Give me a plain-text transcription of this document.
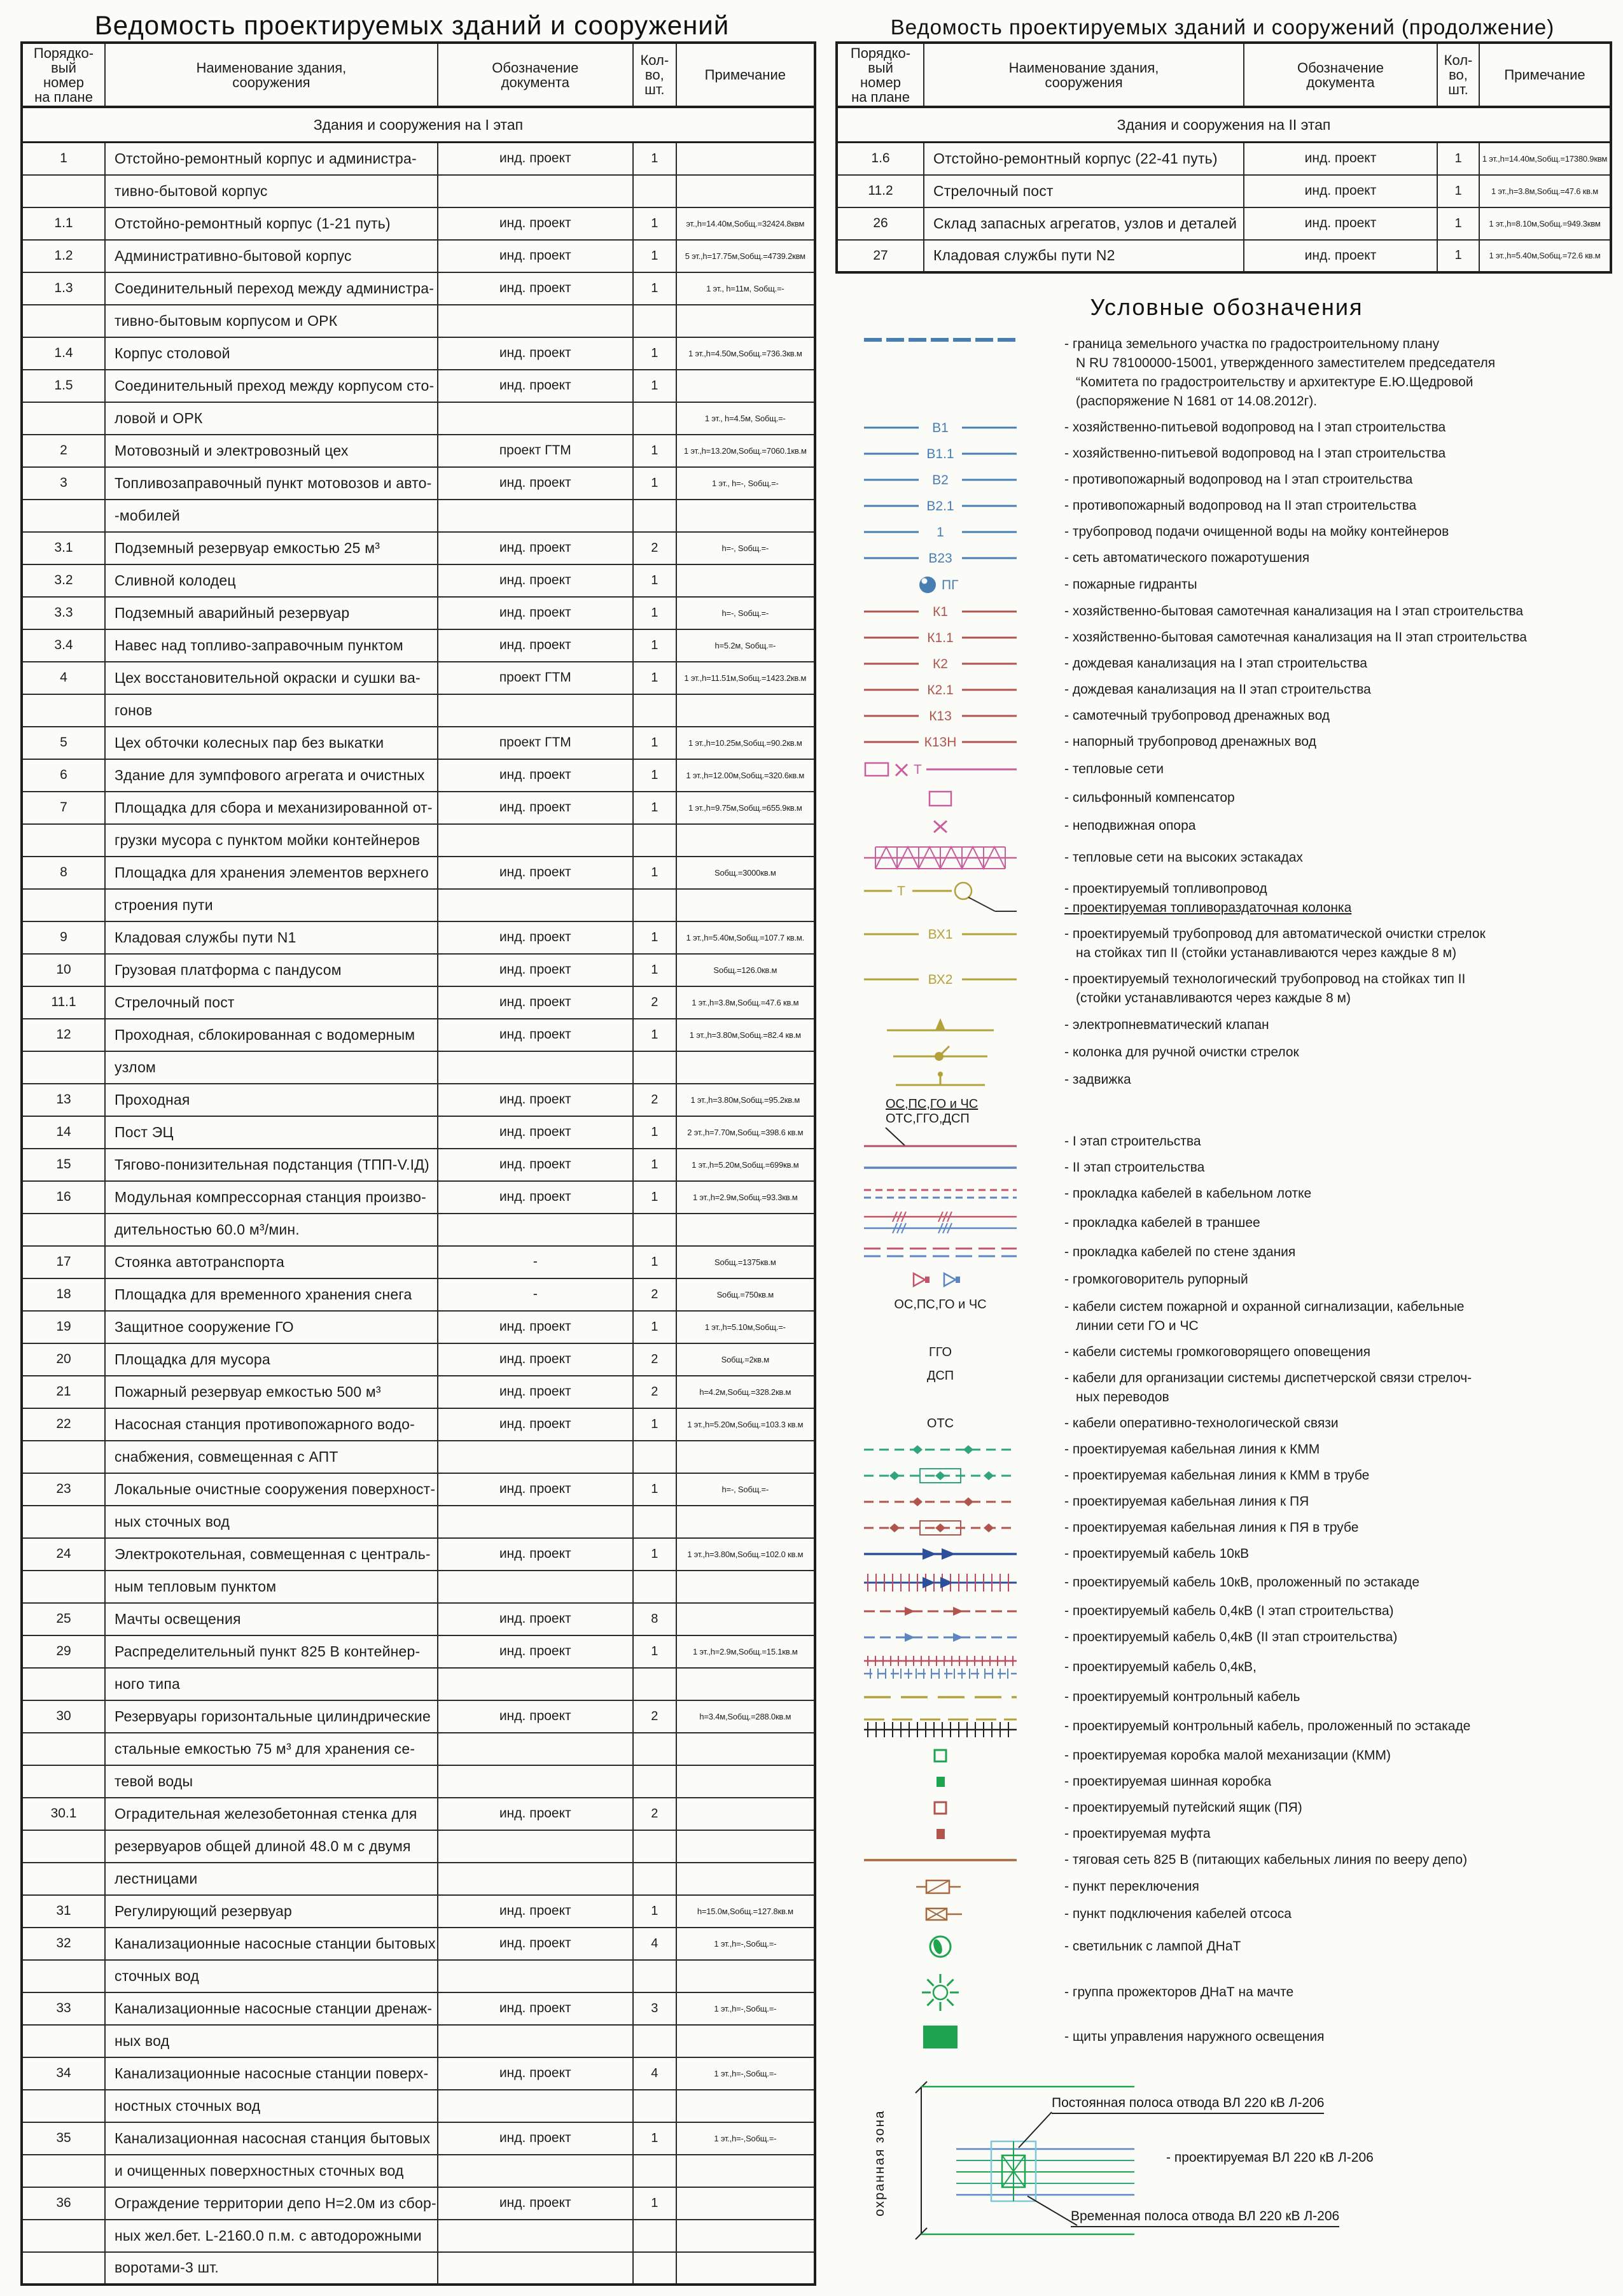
Ведомость проектируемых зданий и сооружений	Ведомость проектируемых зданий и сооружений (продолжение)
Порядко-
вый
номер
на плане

Наименование здания,
сооружения

Обозначение
документа

Кол-
во,
шт.

Примечание

Здания и сооружения на I этап				
1	Отстойно-ремонтный корпус и администра-	инд. проект	1	
	тивно-бытовой корпус			
1.1	Отстойно-ремонтный корпус (1-21 путь)	инд. проект	1	эт.,h=14.40м,Sобщ.=32424.8квм
1.2	Административно-бытовой корпус	инд. проект	1	5 эт.,h=17.75м,Sобщ.=4739.2квм
1.3	Соединительный переход между администра-	инд. проект	1	1 эт., h=11м, Sобщ.=-
	тивно-бытовым корпусом и ОРК			
1.4	Корпус столовой	инд. проект	1	1 эт.,h=4.50м,Sобщ.=736.3кв.м
1.5	Соединительный преход между корпусом сто-	инд. проект	1	
	ловой и ОРК			1 эт., h=4.5м, Sобщ.=-
2	Мотовозный и электровозный цех	проект ГТМ	1	1 эт.,h=13.20м,Sобщ.=7060.1кв.м
3	Топливозаправочный пункт мотовозов и авто-	инд. проект	1	1 эт., h=-, Sобщ.=-
	-мобилей			
3.1	Подземный резервуар емкостью 25 м³	инд. проект	2	h=-, Sобщ.=-
3.2	Сливной колодец	инд. проект	1	
3.3	Подземный аварийный резервуар	инд. проект	1	h=-, Sобщ.=-
3.4	Навес над топливо-заправочным пунктом	инд. проект	1	h=5.2м, Sобщ.=-
4	Цех восстановительной окраски и сушки ва-	проект ГТМ	1	1 эт.,h=11.51м,Sобщ.=1423.2кв.м
	гонов			
5	Цех обточки колесных пар без выкатки	проект ГТМ	1	1 эт.,h=10.25м,Sобщ.=90.2кв.м
6	Здание для зумпфового агрегата и очистных	инд. проект	1	1 эт.,h=12.00м,Sобщ.=320.6кв.м
7	Площадка для сбора и механизированной от-	инд. проект	1	1 эт.,h=9.75м,Sобщ.=655.9кв.м
	грузки мусора с пунктом мойки контейнеров			
8	Площадка для хранения элементов верхнего	инд. проект	1	Sобщ.=3000кв.м
	строения пути			
9	Кладовая службы пути N1	инд. проект	1	1 эт.,h=5.40м,Sобщ.=107.7 кв.м.
10	Грузовая платформа с пандусом	инд. проект	1	Sобщ.=126.0кв.м
11.1	Стрелочный пост	инд. проект	2	1 эт.,h=3.8м,Sобщ.=47.6 кв.м
12	Проходная, сблокированная с водомерным	инд. проект	1	1 эт.,h=3.80м,Sобщ.=82.4 кв.м
	узлом			
13	Проходная	инд. проект	2	1 эт.,h=3.80м,Sобщ.=95.2кв.м
14	Пост ЭЦ	инд. проект	1	2 эт.,h=7.70м,Sобщ.=398.6 кв.м
15	Тягово-понизительная подстанция (ТПП-V.IД)	инд. проект	1	1 эт.,h=5.20м,Sобщ.=699кв.м
16	Модульная компрессорная станция произво-	инд. проект	1	1 эт.,h=2.9м,Sобщ.=93.3кв.м
	дительностью 60.0 м³/мин.			
17	Стоянка автотранспорта	-	1	Sобщ.=1375кв.м
18	Площадка для временного хранения снега	-	2	Sобщ.=750кв.м
19	Защитное сооружение ГО	инд. проект	1	1 эт.,h=5.10м,Sобщ.=-
20	Площадка для мусора	инд. проект	2	Sобщ.=2кв.м
21	Пожарный резервуар емкостью 500 м³	инд. проект	2	h=4.2м,Sобщ.=328.2кв.м
22	Насосная станция противопожарного водо-	инд. проект	1	1 эт.,h=5.20м,Sобщ.=103.3 кв.м
	снабжения, совмещенная с АПТ			
23	Локальные очистные сооружения поверхност-	инд. проект	1	h=-, Sобщ.=-
	ных сточных вод			
24	Электрокотельная, совмещенная с централь-	инд. проект	1	1 эт.,h=3.80м,Sобщ.=102.0 кв.м
	ным тепловым пунктом			
25	Мачты освещения	инд. проект	8	
29	Распределительный пункт 825 В контейнер-	инд. проект	1	1 эт.,h=2.9м,Sобщ.=15.1кв.м
	ного типа			
30	Резервуары горизонтальные цилиндрические	инд. проект	2	h=3.4м,Sобщ.=288.0кв.м
	стальные емкостью 75 м³ для хранения се-			
	тевой воды			
30.1	Оградительная железобетонная стенка для	инд. проект	2	
	резервуаров общей длиной 48.0 м с двумя			
	лестницами			
31	Регулирующий резервуар	инд. проект	1	h=15.0м,Sобщ.=127.8кв.м
32	Канализационные насосные станции бытовых	инд. проект	4	1 эт.,h=-,Sобщ.=-
	сточных вод			
33	Канализационные насосные станции дренаж-	инд. проект	3	1 эт.,h=-,Sобщ.=-
	ных вод			
34	Канализационные насосные станции поверх-	инд. проект	4	1 эт.,h=-,Sобщ.=-
	ностных сточных вод			
35	Канализационная насосная станция бытовых	инд. проект	1	1 эт.,h=-,Sобщ.=-
	и очищенных поверхностных сточных вод			
36	Ограждение территории депо Н=2.0м из сбор-	инд. проект	1	
	ных жел.бет. L-2160.0 п.м. с автодорожными			
	воротами-3 шт.			
Порядко-
вый
номер
на плане

Наименование здания,
сооружения

Обозначение
документа

Кол-
во,
шт.

Примечание

Здания и сооружения на II этап				
1.6	Отстойно-ремонтный корпус (22-41 путь)	инд. проект	1	1 эт.,h=14.40м,Sобщ.=17380.9квм
11.2	Стрелочный пост	инд. проект	1	1 эт.,h=3.8м,Sобщ.=47.6 кв.м
26	Склад запасных агрегатов, узлов и деталей	инд. проект	1	1 эт.,h=8.10м,Sобщ.=949.3квм
27	Кладовая службы пути N2	инд. проект	1	1 эт.,h=5.40м,Sобщ.=72.6 кв.м
Условные обозначения
- граница земельного участка по градостроительному плану
N RU 78100000-15001, утвержденного заместителем председателя
“Комитета по градостроительству и архитектуре Е.Ю.Щедровой
(распоряжение N 1681 от 14.08.2012г).
В1	- хозяйственно-питьевой водопровод на I этап строительства
В1.1	- хозяйственно-питьевой водопровод на I этап строительства
В2	- противопожарный водопровод на I этап строительства
В2.1	- противопожарный водопровод на II этап строительства
1	- трубопровод подачи очищенной воды на мойку контейнеров
В23	- сеть автоматического пожаротушения
ПГ	- пожарные гидранты
К1	- хозяйственно-бытовая самотечная канализация на I этап строительства
К1.1	- хозяйственно-бытовая самотечная канализация на II этап строительства
К2	- дождевая канализация на I этап строительства
К2.1	- дождевая канализация на II этап строительства
К13	- самотечный трубопровод дренажных вод
К13Н	- напорный трубопровод дренажных вод
Т	- тепловые сети
- сильфонный компенсатор
- неподвижная опора
- тепловые сети на высоких эстакадах
Т	- проектируемый топливопровод
- проектируемая топливораздаточная колонка
ВХ1	- проектируемый трубопровод для автоматической очистки стрелок
на стойках тип II (стойки устанавливаются через каждые 8 м)
ВХ2	- проектируемый технологический трубопровод на стойках тип II
(стойки устанавливаются через каждые 8 м)
- электропневматический клапан
- колонка для ручной очистки стрелок
- задвижка
ОС,ПС,ГО и ЧС
ОТС,ГГО,ДСП
- I этап строительства
- II этап строительства
- прокладка кабелей в кабельном лотке
- прокладка кабелей в траншее
- прокладка кабелей по стене здания
- громкоговоритель рупорный
ОС,ПС,ГО и ЧС	- кабели систем пожарной и охранной сигнализации, кабельные
линии сети ГО и ЧС
ГГО	- кабели системы громкоговорящего оповещения
ДСП	- кабели для организации системы диспетчерской связи стрелоч-
ных переводов
ОТС	- кабели оперативно-технологической связи
- проектируемая кабельная линия к КММ
- проектируемая кабельная линия к КММ в трубе
- проектируемая кабельная линия к ПЯ
- проектируемая кабельная линия к ПЯ в трубе
- проектируемый кабель 10кВ
- проектируемый кабель 10кВ, проложенный по эстакаде
- проектируемый кабель 0,4кВ (I этап строительства)
- проектируемый кабель 0,4кВ (II этап строительства)
- проектируемый кабель 0,4кВ,
- проектируемый контрольный кабель
- проектируемый контрольный кабель, проложенный по эстакаде
- проектируемая коробка малой механизации (КММ)
- проектируемая шинная коробка
- проектируемый путейский ящик (ПЯ)
- проектируемая муфта
- тяговая сеть 825 В (питающих кабельных линия по вееру депо)
- пункт переключения
- пункт подключения кабелей отсоса
- светильник с лампой ДНаТ
- группа прожекторов ДНаТ на мачте
- щиты управления наружного освещения
охранная зона
Постоянная полоса отвода ВЛ 220 кВ Л-206
- проектируемая ВЛ 220 кВ Л-206
Временная полоса отвода ВЛ 220 кВ Л-206
